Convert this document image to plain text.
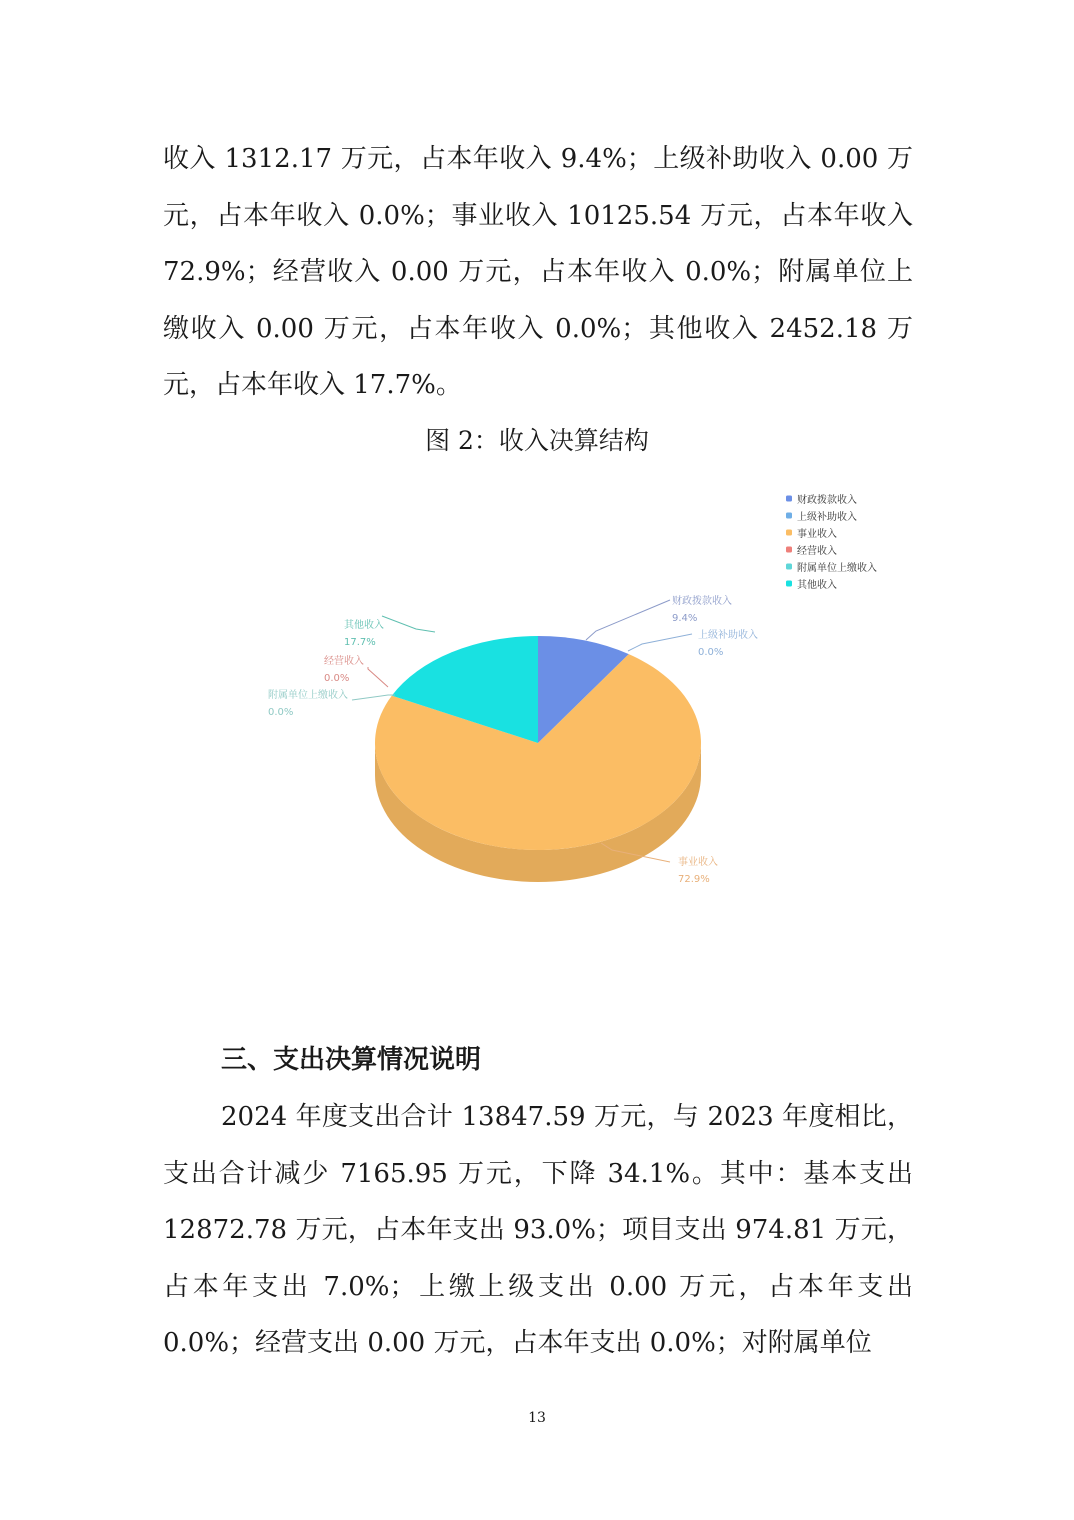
收入 1312.17 万元，占本年收入 9.4%；上级补助收入 0.00 万元，占本年收入 0.0%；事业收入 10125.54 万元，占本年收入 72.9%；经营收入 0.00 万元，占本年收入 0.0%；附属单位上缴收入 0.00 万元，占本年收入 0.0%；其他收入 2452.18 万元，占本年收入 17.7%。

图 2：收入决算结构
财政拨款收入
上级补助收入
事业收入
经营收入
附属单位上缴收入
其他收入
财政拨款收入
9.4%
上级补助收入
0.0%
事业收入
72.9%
经营收入
0.0%
附属单位上缴收入
0.0%
其他收入
17.7%
三、支出决算情况说明

2024 年度支出合计 13847.59 万元，与 2023 年度相比，支出合计减少 7165.95 万元，下降 34.1%。其中：基本支出 12872.78 万元，占本年支出 93.0%；项目支出 974.81 万元，占本年支出 7.0%；上缴上级支出 0.00 万元，占本年支出 0.0%；经营支出 0.00 万元，占本年支出 0.0%；对附属单位

13
